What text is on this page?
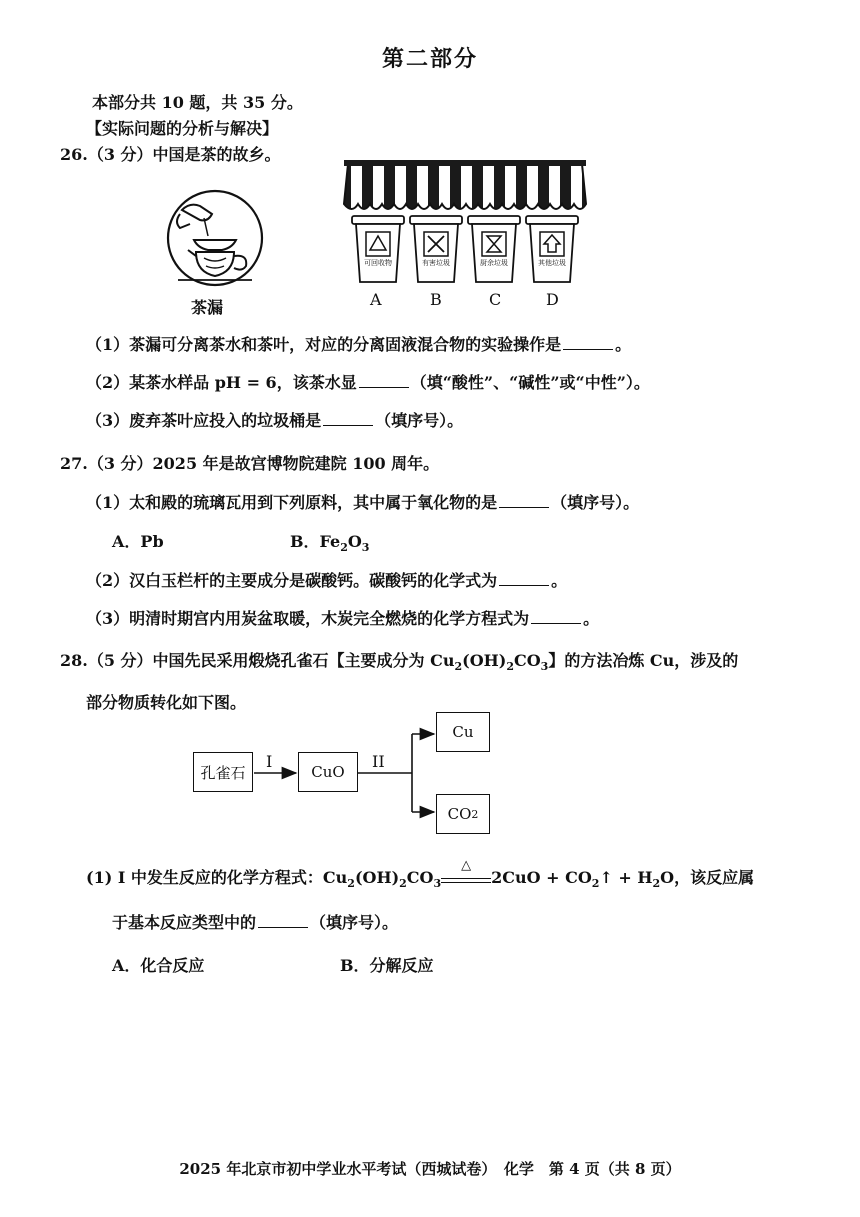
第二部分
本部分共 10 题，共 35 分。
【实际问题的分析与解决】
26.（3 分）中国是茶的故乡。
茶漏
可回收物	有害垃圾	厨余垃圾	其他垃圾
A	B	C	D
（1）茶漏可分离茶水和茶叶，对应的分离固液混合物的实验操作是	。
（2）某茶水样品 pH = 6，该茶水显	（填“酸性”、“碱性”或“中性”）。
（3）废弃茶叶应投入的垃圾桶是	（填序号）。
27.（3 分）2025 年是故宫博物院建院 100 周年。
（1）太和殿的琉璃瓦用到下列原料，其中属于氧化物的是	（填序号）。
A．Pb	B．$Fe_2O_3$
（2）汉白玉栏杆的主要成分是碳酸钙。碳酸钙的化学式为	。
（3）明清时期宫内用炭盆取暖，木炭完全燃烧的化学方程式为	。
28.（5 分）中国先民采用煅烧孔雀石【主要成分为 $Cu_2(OH)_2CO_3$】的方法冶炼 Cu，涉及的
部分物质转化如下图。
孔雀石
I
CuO
II
Cu
CO 2
(1) I 中发生反应的化学方程式：$Cu_2(OH)_2CO_3$
△
$2CuO + CO_2↑ + H_2O$，该反应属
于基本反应类型中的	（填序号）。
A．化合反应	B．分解反应
2025 年北京市初中学业水平考试（西城试卷）　化学　第 4 页（共 8 页）
